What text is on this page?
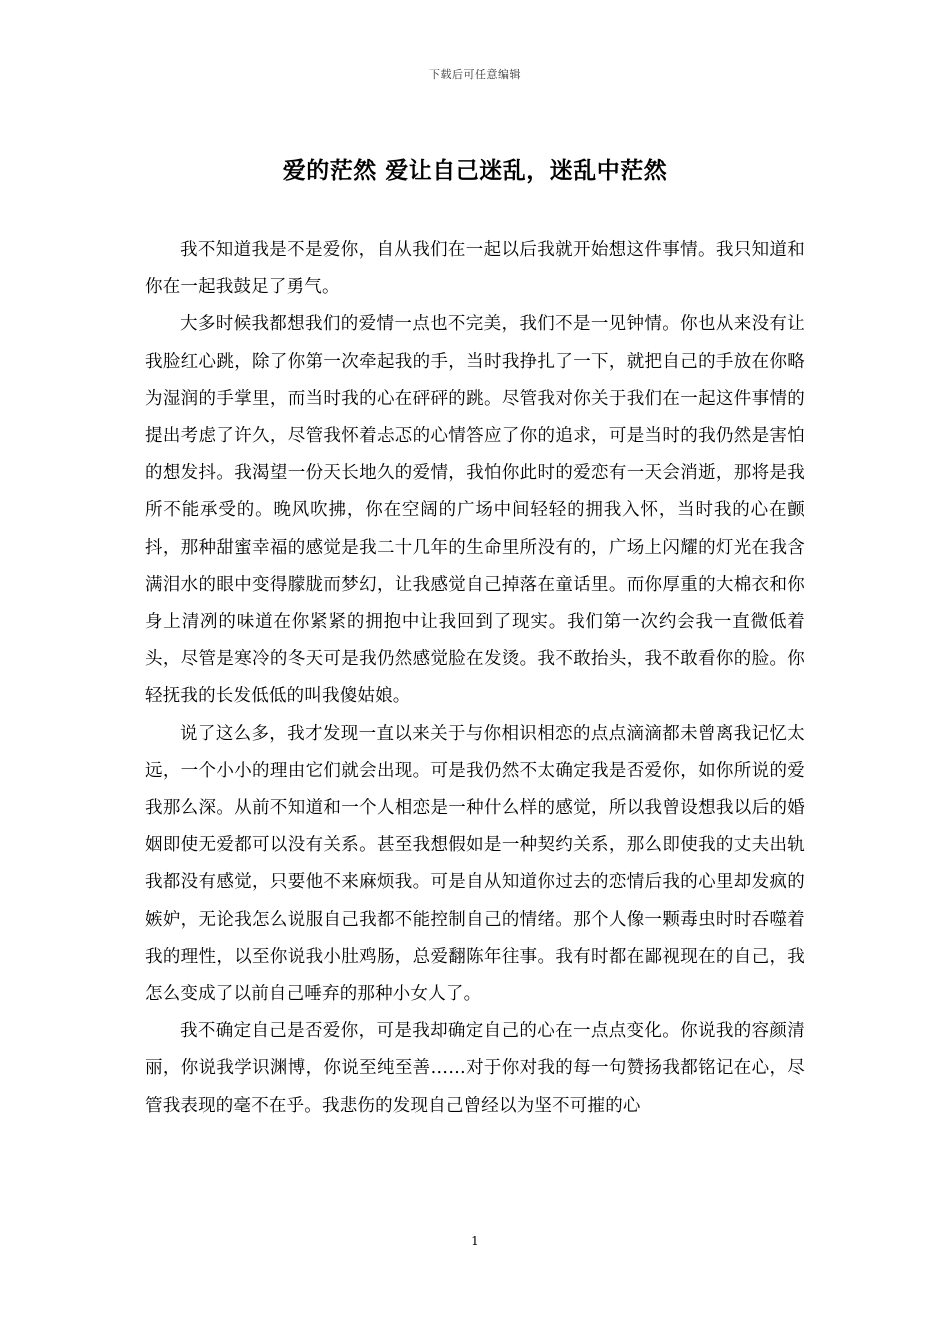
下载后可任意编辑
爱的茫然 爱让自己迷乱，迷乱中茫然

我不知道我是不是爱你，自从我们在一起以后我就开始想这件事情。我只知道和你在一起我鼓足了勇气。

大多时候我都想我们的爱情一点也不完美，我们不是一见钟情。你也从来没有让我脸红心跳，除了你第一次牵起我的手，当时我挣扎了一下，就把自己的手放在你略为湿润的手掌里，而当时我的心在砰砰的跳。尽管我对你关于我们在一起这件事情的提出考虑了许久，尽管我怀着忐忑的心情答应了你的追求，可是当时的我仍然是害怕的想发抖。我渴望一份天长地久的爱情，我怕你此时的爱恋有一天会消逝，那将是我所不能承受的。晚风吹拂，你在空阔的广场中间轻轻的拥我入怀，当时我的心在颤抖，那种甜蜜幸福的感觉是我二十几年的生命里所没有的，广场上闪耀的灯光在我含满泪水的眼中变得朦胧而梦幻，让我感觉自己掉落在童话里。而你厚重的大棉衣和你身上清冽的味道在你紧紧的拥抱中让我回到了现实。我们第一次约会我一直微低着头，尽管是寒冷的冬天可是我仍然感觉脸在发烫。我不敢抬头，我不敢看你的脸。你轻抚我的长发低低的叫我傻姑娘。

说了这么多，我才发现一直以来关于与你相识相恋的点点滴滴都未曾离我记忆太远，一个小小的理由它们就会出现。可是我仍然不太确定我是否爱你，如你所说的爱我那么深。从前不知道和一个人相恋是一种什么样的感觉，所以我曾设想我以后的婚姻即使无爱都可以没有关系。甚至我想假如是一种契约关系，那么即使我的丈夫出轨我都没有感觉，只要他不来麻烦我。可是自从知道你过去的恋情后我的心里却发疯的嫉妒，无论我怎么说服自己我都不能控制自己的情绪。那个人像一颗毒虫时时吞噬着我的理性，以至你说我小肚鸡肠，总爱翻陈年往事。我有时都在鄙视现在的自己，我怎么变成了以前自己唾弃的那种小女人了。

我不确定自己是否爱你，可是我却确定自己的心在一点点变化。你说我的容颜清丽，你说我学识渊博，你说至纯至善……对于你对我的每一句赞扬我都铭记在心，尽管我表现的毫不在乎。我悲伤的发现自己曾经以为坚不可摧的心

1
